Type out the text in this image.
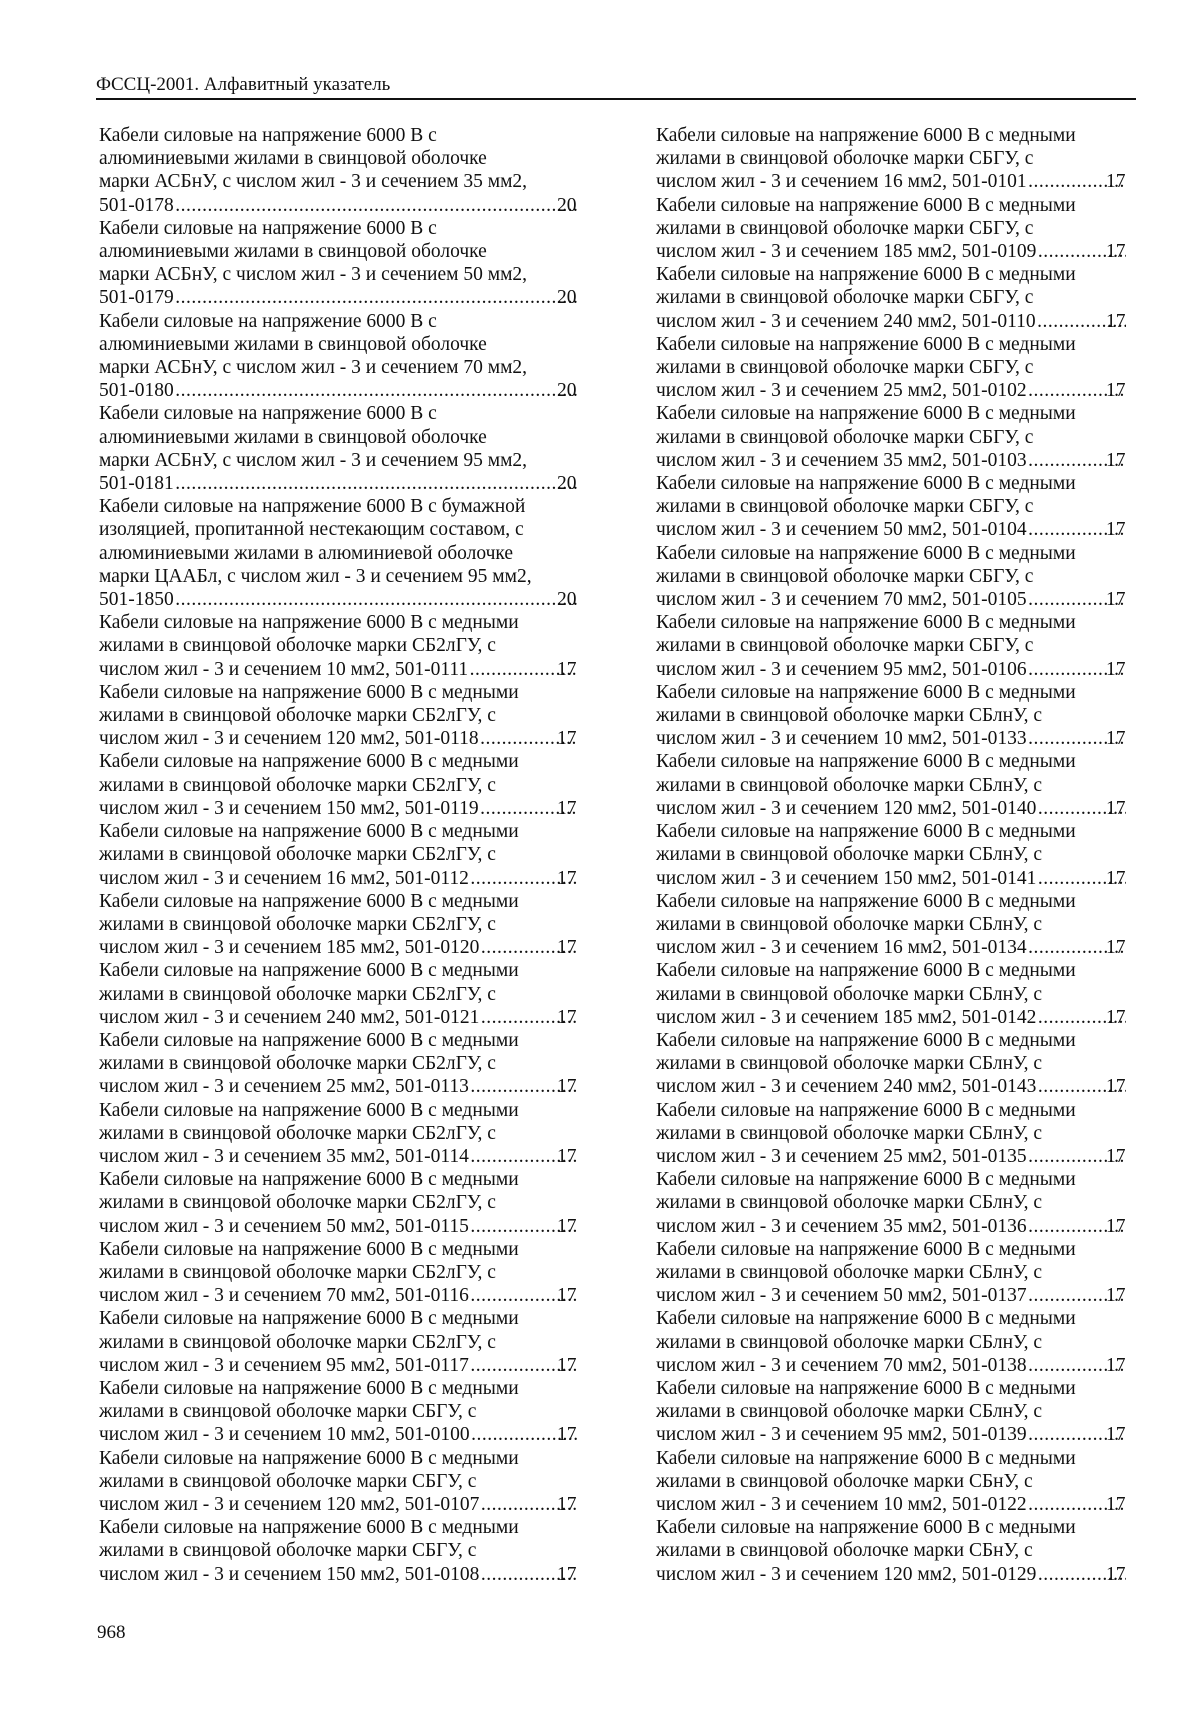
ФССЦ-2001. Алфавитный указатель
Кабели силовые на напряжение 6000 В с
алюминиевыми жилами в свинцовой оболочке
марки АСБнУ, с числом жил - 3 и сечением 35 мм2,
501-0178 .....	20
Кабели силовые на напряжение 6000 В с
алюминиевыми жилами в свинцовой оболочке
марки АСБнУ, с числом жил - 3 и сечением 50 мм2,
501-0179 .....	20
Кабели силовые на напряжение 6000 В с
алюминиевыми жилами в свинцовой оболочке
марки АСБнУ, с числом жил - 3 и сечением 70 мм2,
501-0180 .....	20
Кабели силовые на напряжение 6000 В с
алюминиевыми жилами в свинцовой оболочке
марки АСБнУ, с числом жил - 3 и сечением 95 мм2,
501-0181 .....	20
Кабели силовые на напряжение 6000 В с бумажной
изоляцией, пропитанной нестекающим составом, с
алюминиевыми жилами в алюминиевой оболочке
марки ЦААБл, с числом жил - 3 и сечением 95 мм2,
501-1850 .....	20
Кабели силовые на напряжение 6000 В с медными
жилами в свинцовой оболочке марки СБ2лГУ, с
числом жил - 3 и сечением 10 мм2, 501-0111 .....	17
Кабели силовые на напряжение 6000 В с медными
жилами в свинцовой оболочке марки СБ2лГУ, с
числом жил - 3 и сечением 120 мм2, 501-0118 .....	17
Кабели силовые на напряжение 6000 В с медными
жилами в свинцовой оболочке марки СБ2лГУ, с
числом жил - 3 и сечением 150 мм2, 501-0119 .....	17
Кабели силовые на напряжение 6000 В с медными
жилами в свинцовой оболочке марки СБ2лГУ, с
числом жил - 3 и сечением 16 мм2, 501-0112 .....	17
Кабели силовые на напряжение 6000 В с медными
жилами в свинцовой оболочке марки СБ2лГУ, с
числом жил - 3 и сечением 185 мм2, 501-0120 .....	17
Кабели силовые на напряжение 6000 В с медными
жилами в свинцовой оболочке марки СБ2лГУ, с
числом жил - 3 и сечением 240 мм2, 501-0121 .....	17
Кабели силовые на напряжение 6000 В с медными
жилами в свинцовой оболочке марки СБ2лГУ, с
числом жил - 3 и сечением 25 мм2, 501-0113 .....	17
Кабели силовые на напряжение 6000 В с медными
жилами в свинцовой оболочке марки СБ2лГУ, с
числом жил - 3 и сечением 35 мм2, 501-0114 .....	17
Кабели силовые на напряжение 6000 В с медными
жилами в свинцовой оболочке марки СБ2лГУ, с
числом жил - 3 и сечением 50 мм2, 501-0115 .....	17
Кабели силовые на напряжение 6000 В с медными
жилами в свинцовой оболочке марки СБ2лГУ, с
числом жил - 3 и сечением 70 мм2, 501-0116 .....	17
Кабели силовые на напряжение 6000 В с медными
жилами в свинцовой оболочке марки СБ2лГУ, с
числом жил - 3 и сечением 95 мм2, 501-0117 .....	17
Кабели силовые на напряжение 6000 В с медными
жилами в свинцовой оболочке марки СБГУ, с
числом жил - 3 и сечением 10 мм2, 501-0100 .....	17
Кабели силовые на напряжение 6000 В с медными
жилами в свинцовой оболочке марки СБГУ, с
числом жил - 3 и сечением 120 мм2, 501-0107 .....	17
Кабели силовые на напряжение 6000 В с медными
жилами в свинцовой оболочке марки СБГУ, с
числом жил - 3 и сечением 150 мм2, 501-0108 .....	17
Кабели силовые на напряжение 6000 В с медными
жилами в свинцовой оболочке марки СБГУ, с
числом жил - 3 и сечением 16 мм2, 501-0101 .....	17
Кабели силовые на напряжение 6000 В с медными
жилами в свинцовой оболочке марки СБГУ, с
числом жил - 3 и сечением 185 мм2, 501-0109 .....	17
Кабели силовые на напряжение 6000 В с медными
жилами в свинцовой оболочке марки СБГУ, с
числом жил - 3 и сечением 240 мм2, 501-0110 .....	17
Кабели силовые на напряжение 6000 В с медными
жилами в свинцовой оболочке марки СБГУ, с
числом жил - 3 и сечением 25 мм2, 501-0102 .....	17
Кабели силовые на напряжение 6000 В с медными
жилами в свинцовой оболочке марки СБГУ, с
числом жил - 3 и сечением 35 мм2, 501-0103 .....	17
Кабели силовые на напряжение 6000 В с медными
жилами в свинцовой оболочке марки СБГУ, с
числом жил - 3 и сечением 50 мм2, 501-0104 .....	17
Кабели силовые на напряжение 6000 В с медными
жилами в свинцовой оболочке марки СБГУ, с
числом жил - 3 и сечением 70 мм2, 501-0105 .....	17
Кабели силовые на напряжение 6000 В с медными
жилами в свинцовой оболочке марки СБГУ, с
числом жил - 3 и сечением 95 мм2, 501-0106 .....	17
Кабели силовые на напряжение 6000 В с медными
жилами в свинцовой оболочке марки СБлнУ, с
числом жил - 3 и сечением 10 мм2, 501-0133 .....	17
Кабели силовые на напряжение 6000 В с медными
жилами в свинцовой оболочке марки СБлнУ, с
числом жил - 3 и сечением 120 мм2, 501-0140 .....	17
Кабели силовые на напряжение 6000 В с медными
жилами в свинцовой оболочке марки СБлнУ, с
числом жил - 3 и сечением 150 мм2, 501-0141 .....	17
Кабели силовые на напряжение 6000 В с медными
жилами в свинцовой оболочке марки СБлнУ, с
числом жил - 3 и сечением 16 мм2, 501-0134 .....	17
Кабели силовые на напряжение 6000 В с медными
жилами в свинцовой оболочке марки СБлнУ, с
числом жил - 3 и сечением 185 мм2, 501-0142 .....	17
Кабели силовые на напряжение 6000 В с медными
жилами в свинцовой оболочке марки СБлнУ, с
числом жил - 3 и сечением 240 мм2, 501-0143 .....	17
Кабели силовые на напряжение 6000 В с медными
жилами в свинцовой оболочке марки СБлнУ, с
числом жил - 3 и сечением 25 мм2, 501-0135 .....	17
Кабели силовые на напряжение 6000 В с медными
жилами в свинцовой оболочке марки СБлнУ, с
числом жил - 3 и сечением 35 мм2, 501-0136 .....	17
Кабели силовые на напряжение 6000 В с медными
жилами в свинцовой оболочке марки СБлнУ, с
числом жил - 3 и сечением 50 мм2, 501-0137 .....	17
Кабели силовые на напряжение 6000 В с медными
жилами в свинцовой оболочке марки СБлнУ, с
числом жил - 3 и сечением 70 мм2, 501-0138 .....	17
Кабели силовые на напряжение 6000 В с медными
жилами в свинцовой оболочке марки СБлнУ, с
числом жил - 3 и сечением 95 мм2, 501-0139 .....	17
Кабели силовые на напряжение 6000 В с медными
жилами в свинцовой оболочке марки СБнУ, с
числом жил - 3 и сечением 10 мм2, 501-0122 .....	17
Кабели силовые на напряжение 6000 В с медными
жилами в свинцовой оболочке марки СБнУ, с
числом жил - 3 и сечением 120 мм2, 501-0129 .....	17
968
